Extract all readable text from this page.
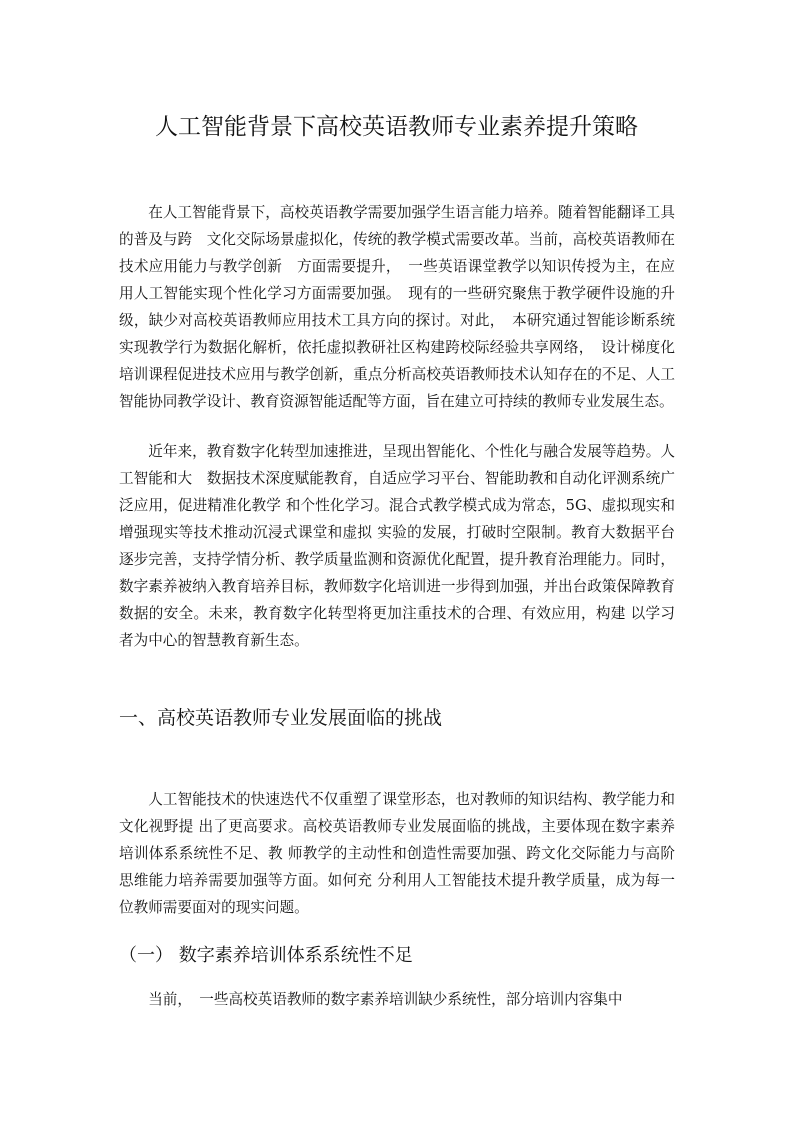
人工智能背景下高校英语教师专业素养提升策略

在人工智能背景下，高校英语教学需要加强学生语言能力培养。随着智能翻译工具的普及与跨　文化交际场景虚拟化，传统的教学模式需要改革。当前，高校英语教师在技术应用能力与教学创新　方面需要提升，　一些英语课堂教学以知识传授为主，在应用人工智能实现个性化学习方面需要加强。　现有的一些研究聚焦于教学硬件设施的升级，缺少对高校英语教师应用技术工具方向的探讨。对此，　本研究通过智能诊断系统实现教学行为数据化解析，依托虚拟教研社区构建跨校际经验共享网络，　设计梯度化培训课程促进技术应用与教学创新，重点分析高校英语教师技术认知存在的不足、人工　智能协同教学设计、教育资源智能适配等方面，旨在建立可持续的教师专业发展生态。

近年来，教育数字化转型加速推进，呈现出智能化、个性化与融合发展等趋势。人工智能和大　数据技术深度赋能教育，自适应学习平台、智能助教和自动化评测系统广泛应用，促进精准化教学 和个性化学习。混合式教学模式成为常态，5G、虚拟现实和增强现实等技术推动沉浸式课堂和虚拟 实验的发展，打破时空限制。教育大数据平台逐步完善，支持学情分析、教学质量监测和资源优化配置，提升教育治理能力。同时，数字素养被纳入教育培养目标，教师数字化培训进一步得到加强，并出台政策保障教育数据的安全。未来，教育数字化转型将更加注重技术的合理、有效应用，构建 以学习者为中心的智慧教育新生态。

一、高校英语教师专业发展面临的挑战

人工智能技术的快速迭代不仅重塑了课堂形态，也对教师的知识结构、教学能力和文化视野提 出了更高要求。高校英语教师专业发展面临的挑战，主要体现在数字素养培训体系系统性不足、教 师教学的主动性和创造性需要加强、跨文化交际能力与高阶思维能力培养需要加强等方面。如何充 分利用人工智能技术提升教学质量，成为每一位教师需要面对的现实问题。

（一） 数字素养培训体系系统性不足

当前，　一些高校英语教师的数字素养培训缺少系统性，部分培训内容集中
